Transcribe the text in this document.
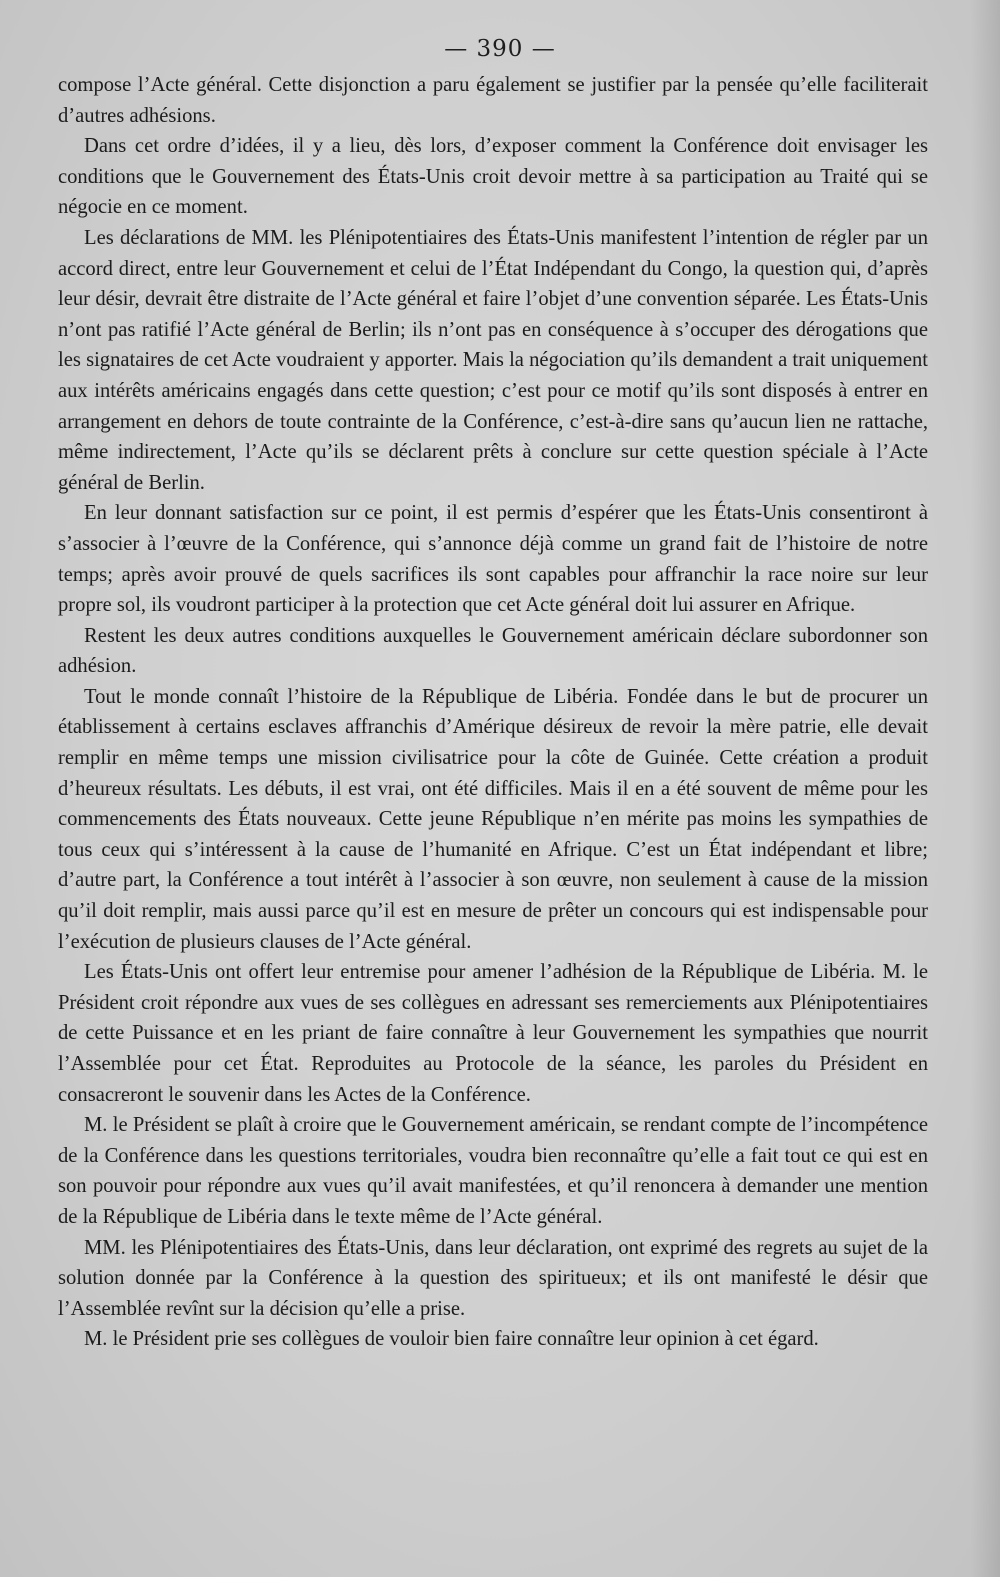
— 390 —

compose l’Acte général. Cette disjonction a paru également se justifier par la pensée qu’elle faciliterait d’autres adhésions.

Dans cet ordre d’idées, il y a lieu, dès lors, d’exposer comment la Conférence doit envisager les conditions que le Gouvernement des États-Unis croit devoir mettre à sa participation au Traité qui se négocie en ce moment.

Les déclarations de MM. les Plénipotentiaires des États-Unis manifestent l’intention de régler par un accord direct, entre leur Gouvernement et celui de l’État Indépendant du Congo, la question qui, d’après leur désir, devrait être distraite de l’Acte général et faire l’objet d’une convention séparée. Les États-Unis n’ont pas ratifié l’Acte général de Berlin; ils n’ont pas en conséquence à s’occuper des dérogations que les signataires de cet Acte voudraient y apporter. Mais la négociation qu’ils demandent a trait uniquement aux intérêts américains engagés dans cette question; c’est pour ce motif qu’ils sont disposés à entrer en arrangement en dehors de toute contrainte de la Conférence, c’est-à-dire sans qu’aucun lien ne rattache, même indirectement, l’Acte qu’ils se déclarent prêts à conclure sur cette question spéciale à l’Acte général de Berlin.

En leur donnant satisfaction sur ce point, il est permis d’espérer que les États-Unis consentiront à s’associer à l’œuvre de la Conférence, qui s’annonce déjà comme un grand fait de l’histoire de notre temps; après avoir prouvé de quels sacrifices ils sont capables pour affranchir la race noire sur leur propre sol, ils voudront participer à la protection que cet Acte général doit lui assurer en Afrique.

Restent les deux autres conditions auxquelles le Gouvernement américain déclare subordonner son adhésion.

Tout le monde connaît l’histoire de la République de Libéria. Fondée dans le but de procurer un établissement à certains esclaves affranchis d’Amérique désireux de revoir la mère patrie, elle devait remplir en même temps une mission civilisatrice pour la côte de Guinée. Cette création a produit d’heureux résultats. Les débuts, il est vrai, ont été difficiles. Mais il en a été souvent de même pour les commencements des États nouveaux. Cette jeune République n’en mérite pas moins les sympathies de tous ceux qui s’intéressent à la cause de l’humanité en Afrique. C’est un État indépendant et libre; d’autre part, la Conférence a tout intérêt à l’associer à son œuvre, non seulement à cause de la mission qu’il doit remplir, mais aussi parce qu’il est en mesure de prêter un concours qui est indispensable pour l’exécution de plusieurs clauses de l’Acte général.

Les États-Unis ont offert leur entremise pour amener l’adhésion de la République de Libéria. M. le Président croit répondre aux vues de ses collègues en adressant ses remerciements aux Plénipotentiaires de cette Puissance et en les priant de faire connaître à leur Gouvernement les sympathies que nourrit l’Assemblée pour cet État. Reproduites au Protocole de la séance, les paroles du Président en consacreront le souvenir dans les Actes de la Conférence.

M. le Président se plaît à croire que le Gouvernement américain, se rendant compte de l’incompétence de la Conférence dans les questions territoriales, voudra bien reconnaître qu’elle a fait tout ce qui est en son pouvoir pour répondre aux vues qu’il avait manifestées, et qu’il renoncera à demander une mention de la République de Libéria dans le texte même de l’Acte général.

MM. les Plénipotentiaires des États-Unis, dans leur déclaration, ont exprimé des regrets au sujet de la solution donnée par la Conférence à la question des spiritueux; et ils ont manifesté le désir que l’Assemblée revînt sur la décision qu’elle a prise.

M. le Président prie ses collègues de vouloir bien faire connaître leur opinion à cet égard.
